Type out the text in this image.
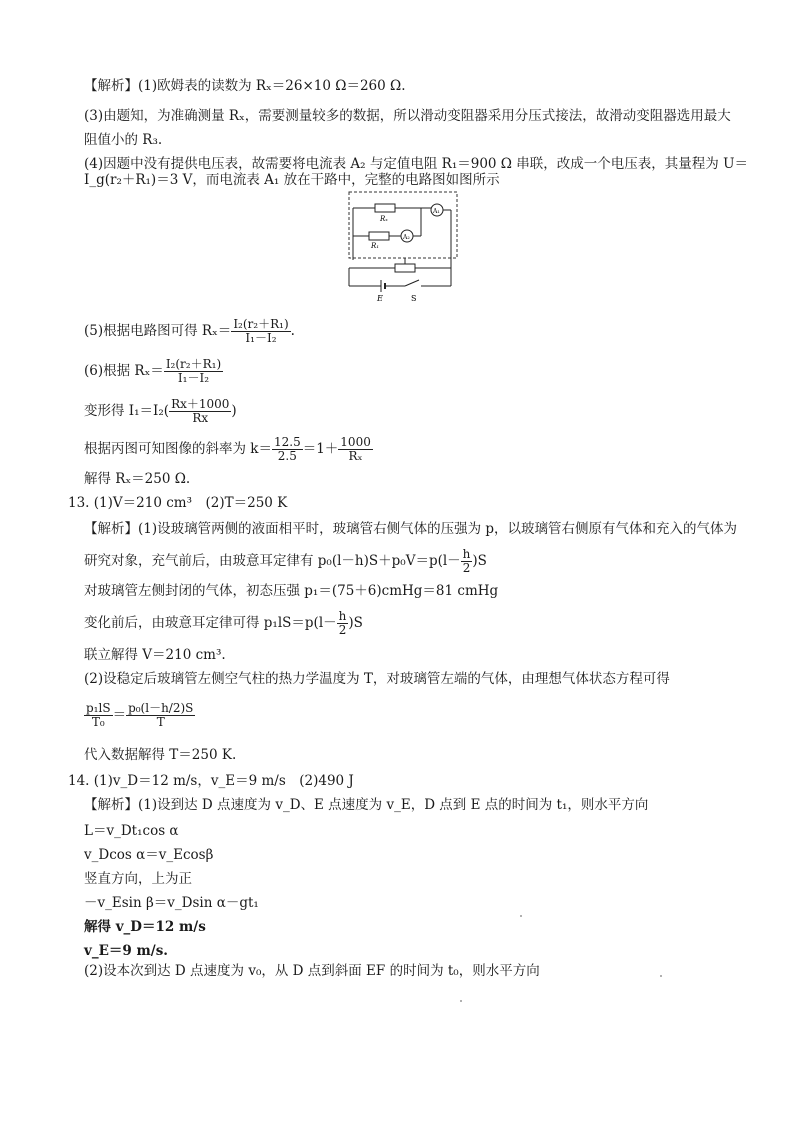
【解析】(1)欧姆表的读数为 Rₓ＝26×10 Ω＝260 Ω.
(3)由题知，为准确测量 Rₓ，需要测量较多的数据，所以滑动变阻器采用分压式接法，故滑动变阻器选用最大
阻值小的 R₃.
(4)因题中没有提供电压表，故需要将电流表 A₂ 与定值电阻 R₁＝900 Ω 串联，改成一个电压表，其量程为 U＝
I_g(r₂＋R₁)＝3 V，而电流表 A₁ 放在干路中，完整的电路图如图所示
Rₓ
A₁
R₁
A₂
E	S
(5)根据电路图可得 $R_x= \frac{\text{I₂(r₂＋R₁)}}{\text{I₁－I₂}}$ .
(6)根据 $R_x= \frac{\text{I₂(r₂＋R₁)}}{\text{I₁－I₂}}$
变形得 $I_1=I_2( \frac{Rx+1000}{Rx}$ )
根据丙图可知图像的斜率为 $k= \frac{12.5}{2.5} =1+ \frac{1000}{\text{Rₓ}}$
解得 Rₓ＝250 Ω.
13. (1)V＝210 cm³　(2)T＝250 K
【解析】(1)设玻璃管两侧的液面相平时，玻璃管右侧气体的压强为 p，以玻璃管右侧原有气体和充入的气体为
研究对象，充气前后，由玻意耳定律有 $p_0(l-h)S+p_0V=p(l- \frac{h}{2} )S$
对玻璃管左侧封闭的气体，初态压强 p₁＝(75＋6)cmHg＝81 cmHg
变化前后，由玻意耳定律可得 $p_1lS=p(l- \frac{h}{2} )S$
联立解得 V＝210 cm³.
(2)设稳定后玻璃管左侧空气柱的热力学温度为 T，对玻璃管左端的气体，由理想气体状态方程可得
$\frac{\text{p₁lS}}{\text{T₀}} = \frac{\text{p₀(l－h/2)S}}{T}$
代入数据解得 T＝250 K.
14. (1)v_D＝12 m/s，v_E＝9 m/s　(2)490 J
【解析】(1)设到达 D 点速度为 v_D、E 点速度为 v_E，D 点到 E 点的时间为 t₁，则水平方向
L＝v_Dt₁cos α
v_Dcos α＝v_Ecosβ
竖直方向，上为正
－v_Esin β＝v_Dsin α－gt₁
解得 v_D＝12 m/s
v_E＝9 m/s.
(2)设本次到达 D 点速度为 v₀，从 D 点到斜面 EF 的时间为 t₀，则水平方向
